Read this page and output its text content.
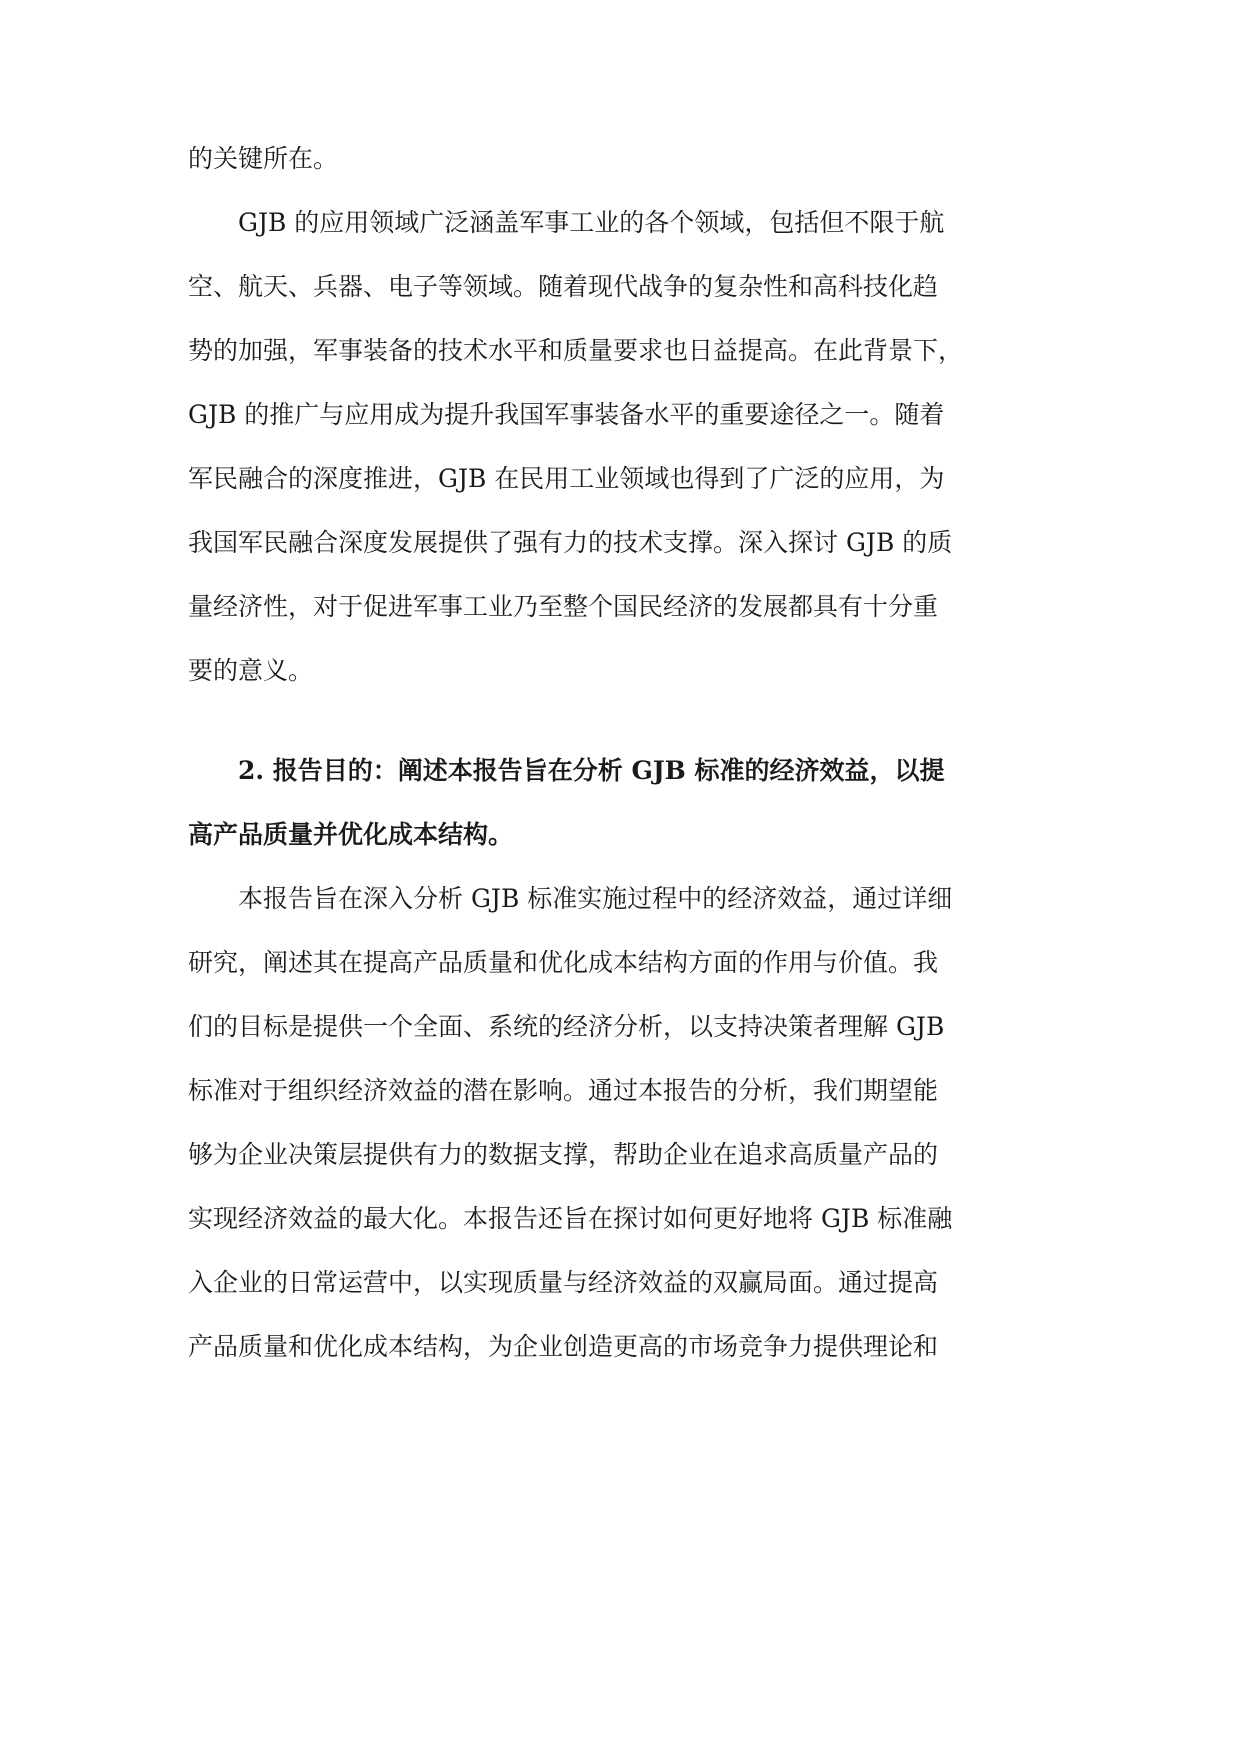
的关键所在。
GJB 的应用领域广泛涵盖军事工业的各个领域，包括但不限于航
空、航天、兵器、电子等领域。随着现代战争的复杂性和高科技化趋
势的加强，军事装备的技术水平和质量要求也日益提高。在此背景下，
GJB 的推广与应用成为提升我国军事装备水平的重要途径之一。随着
军民融合的深度推进，GJB 在民用工业领域也得到了广泛的应用，为
我国军民融合深度发展提供了强有力的技术支撑。深入探讨 GJB 的质
量经济性，对于促进军事工业乃至整个国民经济的发展都具有十分重
要的意义。
2. 报告目的：阐述本报告旨在分析 GJB 标准的经济效益，以提
高产品质量并优化成本结构。
本报告旨在深入分析 GJB 标准实施过程中的经济效益，通过详细
研究，阐述其在提高产品质量和优化成本结构方面的作用与价值。我
们的目标是提供一个全面、系统的经济分析，以支持决策者理解 GJB
标准对于组织经济效益的潜在影响。通过本报告的分析，我们期望能
够为企业决策层提供有力的数据支撑，帮助企业在追求高质量产品的
实现经济效益的最大化。本报告还旨在探讨如何更好地将 GJB 标准融
入企业的日常运营中，以实现质量与经济效益的双赢局面。通过提高
产品质量和优化成本结构，为企业创造更高的市场竞争力提供理论和
